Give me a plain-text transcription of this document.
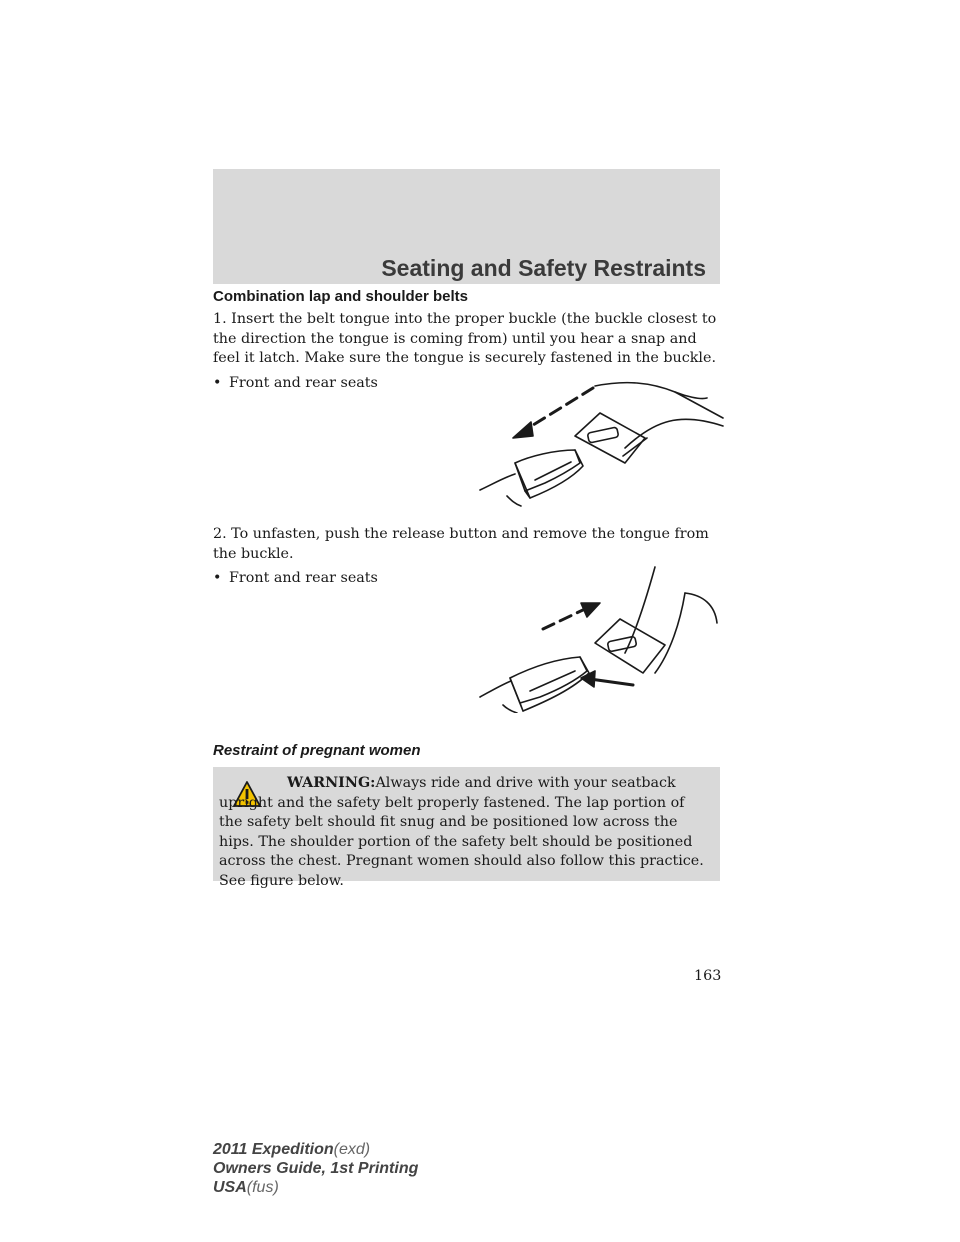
Seating and Safety Restraints
Combination lap and shoulder belts
1. Insert the belt tongue into the proper buckle (the buckle closest to the direction the tongue is coming from) until you hear a snap and feel it latch. Make sure the tongue is securely fastened in the buckle.
• Front and rear seats
2. To unfasten, push the release button and remove the tongue from the buckle.
• Front and rear seats
Restraint of pregnant women
WARNING:Always ride and drive with your seatback upright and the safety belt properly fastened. The lap portion of the safety belt should fit snug and be positioned low across the hips. The shoulder portion of the safety belt should be positioned across the chest. Pregnant women should also follow this practice. See figure below.
163
2011 Expedition(exd)
Owners Guide, 1st Printing
USA(fus)
